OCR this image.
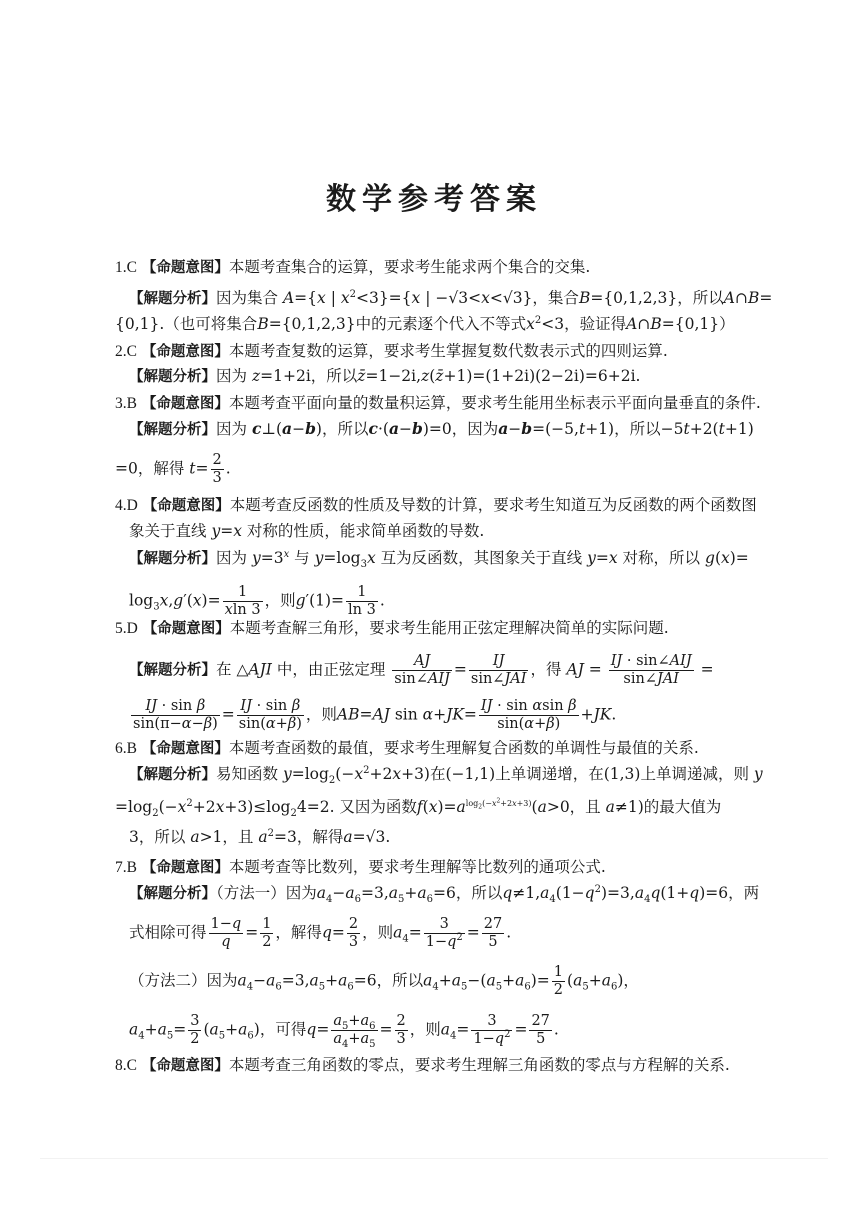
数学参考答案
1.C 【命题意图】本题考查集合的运算，要求考生能求两个集合的交集.
【解题分析】因为集合 A={x | $x^2<3\}=\{x$ | −√3<x<√3}，集合B={0,1,2,3}，所以A∩B=
{0,1}.（也可将集合B={0,1,2,3}中的元素逐个代入不等式$x^2<3$，验证得A∩B={0,1}）
2.C 【命题意图】本题考查复数的运算，要求考生掌握复数代数表示式的四则运算.
【解题分析】因为 z=1+2i，所以z̄=1−2i,z(z̄+1)=(1+2i)(2−2i)=6+2i.
3.B 【命题意图】本题考查平面向量的数量积运算，要求考生能用坐标表示平面向量垂直的条件.
【解题分析】因为 c⊥(a−b)，所以c·(a−b)=0，因为a−b=(−5,t+1)，所以−5t+2(t+1)
=0，解得 $t= \frac{2}{3}$ .
4.D 【命题意图】本题考查反函数的性质及导数的计算，要求考生知道互为反函数的两个函数图
象关于直线 y=x 对称的性质，能求简单函数的导数.
【解题分析】因为 $y=3^x$ 与 $y=\log_3x$ 互为反函数，其图象关于直线 y=x 对称，所以 g(x)=
$\log_3x,g'(x)= \frac{1}{xln 3}$ ，则$g'(1)= \frac{1}{\ln 3}$ .
5.D 【命题意图】本题考查解三角形，要求考生能用正弦定理解决简单的实际问题.
【解题分析】在 △AJI 中，由正弦定理 $\frac{AJ}{\text{sin∠AIJ}} = \frac{IJ}{\text{sin∠JAI}}$ ，得 AJ = $\frac{\text{IJ · sin∠AIJ}}{\text{sin∠JAI}}$ =
$\frac{\text{IJ · sin β}}{\sin(\pi-\alpha-\beta)} = \frac{\text{IJ · sin β}}{\sin(\alpha+\beta)}$ ，则AB=AJ $\sin \alpha+JK= \frac{\text{IJ · sin αsin β}}{\sin(\alpha+\beta)} +JK$.
6.B 【命题意图】本题考查函数的最值，要求考生理解复合函数的单调性与最值的关系.
【解题分析】易知函数 $y=\log_2(-x^2+2x+3)$在(−1,1)上单调递增，在(1,3)上单调递减，则 y
$=\log_2(-x^2+2x+3)\le\log_24=2$. 又因为函数$f(x)=a^{log_2(-x^2+2x+3)}(a>0$，且 a≠1)的最大值为
3，所以 a>1，且 $a^2=3$，解得a=√3.
7.B 【命题意图】本题考查等比数列，要求考生理解等比数列的通项公式.
【解题分析】（方法一）因为$a_4-a_6=3,a_5+a_6=6$，所以$q\ne 1,a_4(1-q^2)=3,a_4q(1+q)=6$，两
式相除可得 $\frac{1-q}{q} = \frac{1}{2}$ ，解得$q= \frac{2}{3}$ ，则$a_4= \frac{3}{1-q^2} = \frac{27}{5}$ .
（方法二）因为$a_4-a_6=3,a_5+a_6=6$，所以$a_4+a_5-(a_5+a_6)= \frac{1}{2} (a_5+a_6)$，
$a_4+a_5= \frac{3}{2} (a_5+a_6)$，可得$q= \frac{a_5+a_6}{a_4+a_5} = \frac{2}{3}$ ，则$a_4= \frac{3}{1-q^2} = \frac{27}{5}$ .
8.C 【命题意图】本题考查三角函数的零点，要求考生理解三角函数的零点与方程解的关系.
